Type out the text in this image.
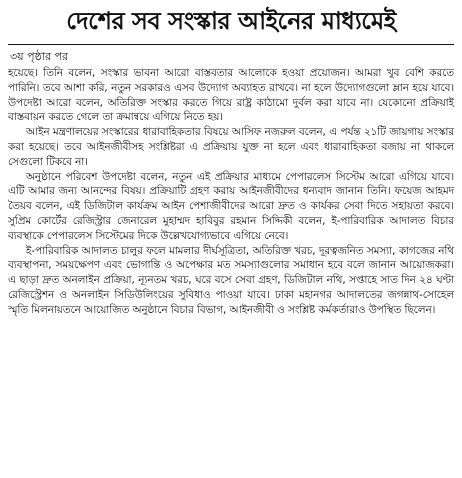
দেশের সব সংস্কার আইনের মাধ্যমেই
৩য় পৃষ্ঠার পর

হয়েছে। তিনি বলেন, সংস্কার ভাবনা আরো বাস্তবতার আলোকে হওয়া প্রয়োজন। আমরা খুব বেশি করতে পারিনি। তবে আশা করি, নতুন সরকারও এসব উদ্যোগ অব্যাহত রাখবে। না হলে উদ্যোগগুলো ম্লান হয়ে যাবে। উপদেষ্টা আরো বলেন, অতিরিক্ত সংস্কার করতে গিয়ে রাষ্ট্র কাঠামো দুর্বল করা যাবে না। যেকোনো প্রক্রিয়াই বাস্তবায়ন করতে গেলে তা ক্রমান্বয়ে এগিয়ে নিতে হয়।

আইন মন্ত্রণালয়ের সংস্কারের ধারাবাহিকতার বিষয়ে আসিফ নজরুল বলেন, এ পর্যন্ত ২১টি জায়গায় সংস্কার করা হয়েছে। তবে আইনজীবীসহ সংশ্লিষ্টরা এ প্রক্রিয়ায় যুক্ত না হলে এবং ধারাবাহিকতা বজায় না থাকলে সেগুলো টিকবে না।

অনুষ্ঠানে পরিবেশ উপদেষ্টা বলেন, নতুন এই প্রক্রিয়ার মাধ্যমে পেপারলেস সিস্টেম আরো এগিয়ে যাবে। এটি আমার জন্য আনন্দের বিষয়। প্রক্রিয়াটি গ্রহণ করায় আইনজীবীদের ধন্যবাদ জানান তিনি। ফয়েজ আহমদ তৈয়ব বলেন, এই ডিজিটাল কার্যক্রম আইন পেশাজীবীদের আরো দ্রুত ও কার্যকর সেবা দিতে সহায়তা করবে। সুপ্রিম কোর্টের রেজিস্ট্রার জেনারেল মুহাম্মদ হাবিবুর রহমান সিদ্দিকী বলেন, ই-পারিবারিক আদালত বিচার ব্যবস্থাকে পেপারলেস সিস্টেমের দিকে উল্লেখযোগ্যভাবে এগিয়ে নেবে।

ই-পারিবারিক আদালত চালুর ফলে মামলার দীর্ঘসূত্রিতা, অতিরিক্ত খরচ, দূরত্বজনিত সমস্যা, কাগজের নথি ব্যবস্থাপনা, সময়ক্ষেপণ এবং ভোগান্তি ও অপেক্ষার মত সমস্যাগুলোর সমাধান হবে বলে জানান আয়োজকরা। এ ছাড়া দ্রুত অনলাইন প্রক্রিয়া, ন্যূনতম খরচ, ঘরে বসে সেবা গ্রহণ, ডিজিটাল নথি, সপ্তাহে সাত দিন ২৪ ঘণ্টা রেজিস্ট্রেশন ও অনলাইন সিডিউলিংয়ের সুবিধাও পাওয়া যাবে। ঢাকা মহানগর আদালতের জগন্নাথ-সোহেল স্মৃতি মিলনায়তনে আয়োজিত অনুষ্ঠানে বিচার বিভাগ, আইনজীবী ও সংশ্লিষ্ট কর্মকর্তারাও উপস্থিত ছিলেন।
